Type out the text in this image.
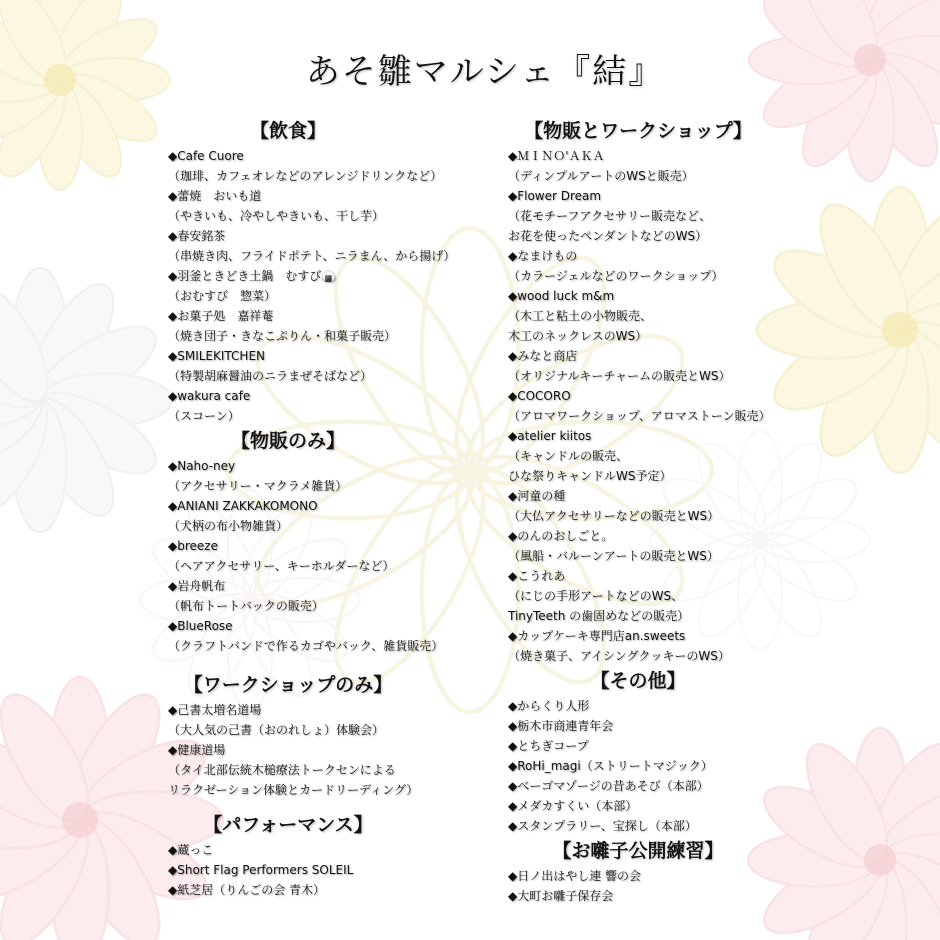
あそ雛マルシェ『結』
【飲食】
◆Cafe Cuore
（珈琲、カフェオレなどのアレンジドリンクなど）
◆蕾焼　おいも道
（やきいも、冷やしやきいも、干し芋）
◆春安銘茶
（串焼き肉、フライドポテト、ニラまん、から揚げ）
◆羽釜ときどき土鍋　むすび🍙
（おむすび　惣菜）
◆お菓子処　嘉祥菴
（焼き団子・きなこぷりん・和菓子販売）
◆SMILEKITCHEN
（特製胡麻醤油のニラまぜそばなど）
◆wakura cafe
（スコーン）
【物販のみ】
◆Naho-ney
（アクセサリー・マクラメ雑貨）
◆ANIANI ZAKKAKOMONO
（犬柄の布小物雑貨）
◆breeze
（ヘアアクセサリー、キーホルダーなど）
◆岩舟帆布
（帆布トートバックの販売）
◆BlueRose
（クラフトバンドで作るカゴやバック、雑貨販売）
【ワークショップのみ】
◆己書太増名道場
（大人気の己書（おのれしょ）体験会）
◆健康道場
（タイ北部伝統木槌療法トークセンによる
リラクゼーション体験とカードリーディング）
【パフォーマンス】
◆蔵っこ
◆Short Flag Performers SOLEIL
◆紙芝居（りんごの会 青木）
【物販とワークショップ】
◆ＭＩＮＯ'ＡＫＡ
（ディンプルアートのWSと販売）
◆Flower Dream
（花モチーフアクセサリー販売など、
お花を使ったペンダントなどのWS）
◆なまけもの
（カラージェルなどのワークショップ）
◆wood luck m&m
（木工と粘土の小物販売、
木工のネックレスのWS）
◆みなと商店
（オリジナルキーチャームの販売とWS）
◆COCORO
（アロマワークショップ、アロマストーン販売）
◆atelier kiitos
（キャンドルの販売、
ひな祭りキャンドルWS予定）
◆河童の種
（大仏アクセサリーなどの販売とWS）
◆のんのおしごと。
（風船・バルーンアートの販売とWS）
◆こうれあ
（にじの手形アートなどのWS、
TinyTeeth の歯固めなどの販売）
◆カップケーキ専門店an.sweets
（焼き菓子、アイシングクッキーのWS）
【その他】
◆からくり人形
◆栃木市商連青年会
◆とちぎコープ
◆RoHi_magi（ストリートマジック）
◆べーゴマゾージの昔あそび（本部）
◆メダカすくい（本部）
◆スタンプラリー、宝探し（本部）
【お囃子公開練習】
◆日ノ出はやし連 響の会
◆大町お囃子保存会
